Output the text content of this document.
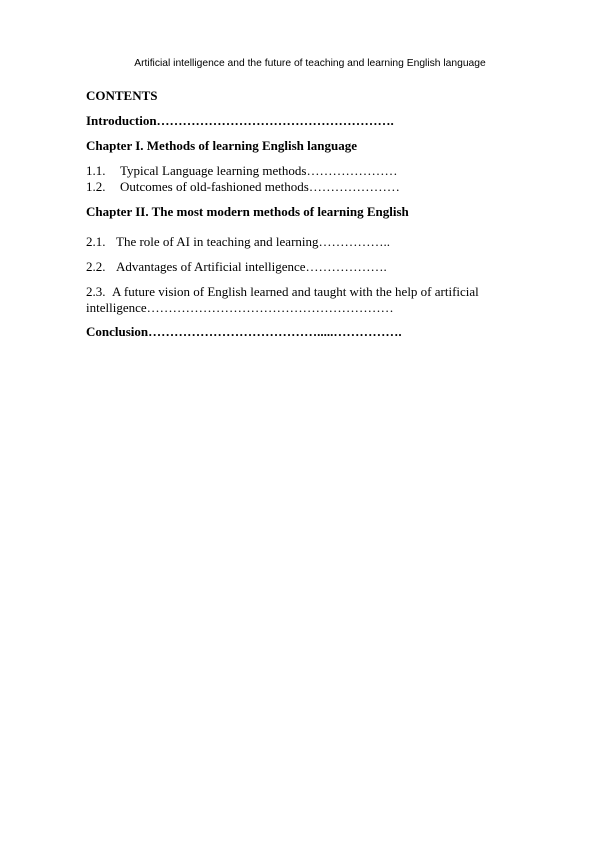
Artificial intelligence and the future of teaching and learning English language
CONTENTS
Introduction……………………………………………….
Chapter I. Methods of learning English language
1.1. Typical Language learning methods…………………
1.2. Outcomes of old-fashioned methods…………………
Chapter II. The most modern methods of learning English
2.1. The role of AI in teaching and learning……………..
2.2. Advantages of Artificial intelligence……………….
2.3. A future vision of English learned and taught with the help of artificial intelligence…………………………………………………
Conclusion………………………………….....…………….
